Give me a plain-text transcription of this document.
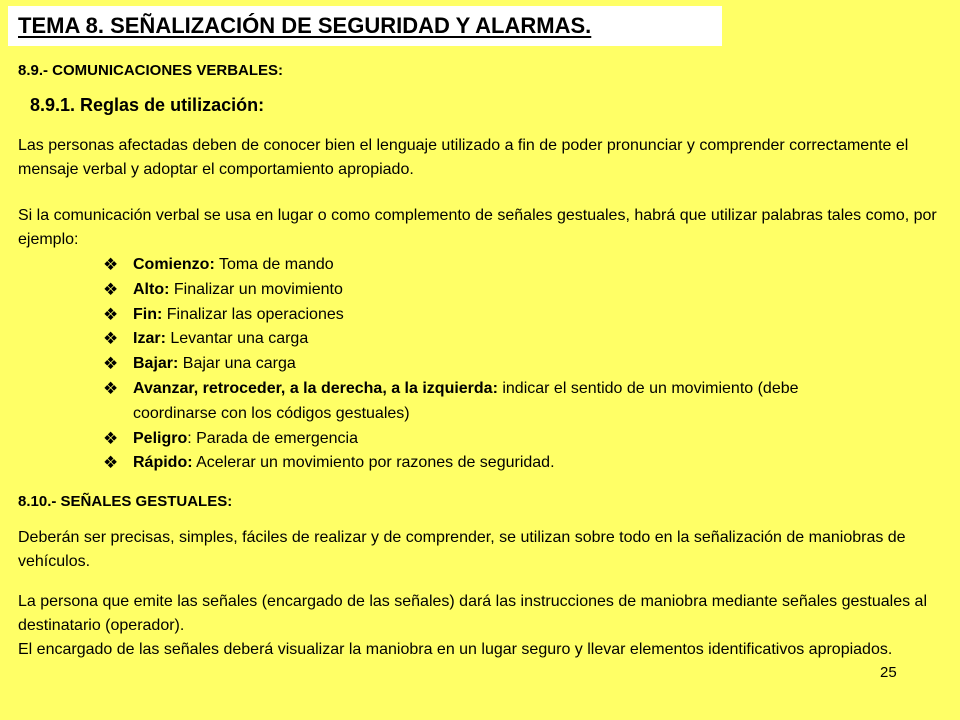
TEMA 8. SEÑALIZACIÓN DE SEGURIDAD Y ALARMAS.
8.9.- COMUNICACIONES VERBALES:
8.9.1. Reglas de utilización:

Las personas afectadas deben de conocer bien el lenguaje utilizado a fin de poder pronunciar y comprender correctamente el mensaje verbal y adoptar el comportamiento apropiado.

Si la comunicación verbal se usa en lugar o como complemento de señales gestuales, habrá que utilizar palabras tales como, por ejemplo:

❖ Comienzo: Toma de mando
❖ Alto: Finalizar un movimiento
❖ Fin: Finalizar las operaciones
❖ Izar: Levantar una carga
❖ Bajar: Bajar una carga
❖ Avanzar, retroceder, a la derecha, a la izquierda: indicar el sentido de un movimiento (debe coordinarse con los códigos gestuales)
❖ Peligro: Parada de emergencia
❖ Rápido: Acelerar un movimiento por razones de seguridad.
8.10.- SEÑALES GESTUALES:

Deberán ser precisas, simples, fáciles de realizar y de comprender, se utilizan sobre todo en la señalización de maniobras de vehículos.

La persona que emite las señales (encargado de las señales) dará las instrucciones de maniobra mediante señales gestuales al destinatario (operador).

El encargado de las señales deberá visualizar la maniobra en un lugar seguro y llevar elementos identificativos apropiados.

25
